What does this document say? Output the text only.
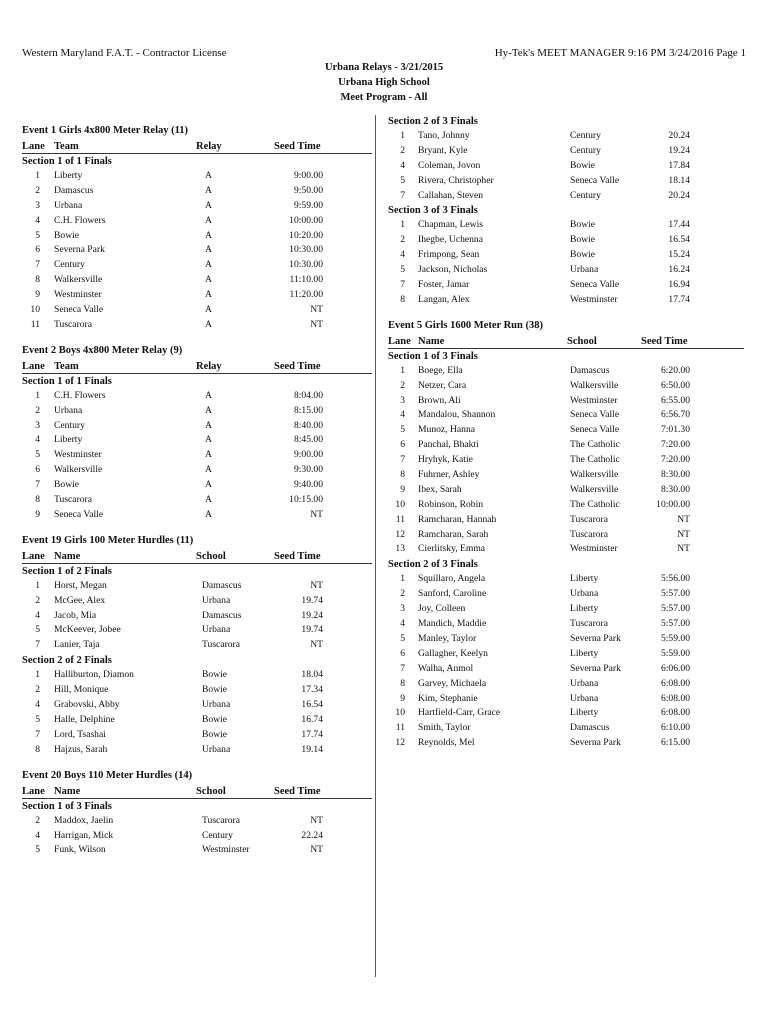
Western Maryland F.A.T. - Contractor License	Hy-Tek's MEET MANAGER 9:16 PM 3/24/2016 Page 1
Urbana Relays - 3/21/2015
Urbana High School
Meet Program - All
Event 1 Girls 4x800 Meter Relay (11)
Lane Team	Relay	Seed Time
Section 1 of 1 Finals
1 Liberty	A	9:00.00
2 Damascus	A	9:50.00
3 Urbana	A	9:59.00
4 C.H. Flowers	A	10:00.00
5 Bowie	A	10:20.00
6 Severna Park	A	10:30.00
7 Century	A	10:30.00
8 Walkersville	A	11:10.00
9 Westminster	A	11:20.00
10 Seneca Valle	A	NT
11 Tuscarora	A	NT
Event 2 Boys 4x800 Meter Relay (9)
Lane Team	Relay	Seed Time
Section 1 of 1 Finals
1 C.H. Flowers	A	8:04.00
2 Urbana	A	8:15.00
3 Century	A	8:40.00
4 Liberty	A	8:45.00
5 Westminster	A	9:00.00
6 Walkersville	A	9:30.00
7 Bowie	A	9:40.00
8 Tuscarora	A	10:15.00
9 Seneca Valle	A	NT
Event 19 Girls 100 Meter Hurdles (11)
Lane Name	School	Seed Time
Section 1 of 2 Finals
1 Horst, Megan	Damascus	NT
2 McGee, Alex	Urbana	19.74
4 Jacob, Mia	Damascus	19.24
5 McKeever, Jobee	Urbana	19.74
7 Lanier, Taja	Tuscarora	NT
Section 2 of 2 Finals
1 Halliburton, Diamon	Bowie	18.04
2 Hill, Monique	Bowie	17.34
4 Grabovski, Abby	Urbana	16.54
5 Halle, Delphine	Bowie	16.74
7 Lord, Tsashai	Bowie	17.74
8 Hajzus, Sarah	Urbana	19.14
Event 20 Boys 110 Meter Hurdles (14)
Lane Name	School	Seed Time
Section 1 of 3 Finals
2 Maddox, Jaelin	Tuscarora	NT
4 Harrigan, Mick	Century	22.24
5 Funk, Wilson	Westminster	NT
Section 2 of 3 Finals
1 Tano, Johnny	Century	20.24
2 Bryant, Kyle	Century	19.24
4 Coleman, Jovon	Bowie	17.84
5 Rivera, Christopher	Seneca Valle	18.14
7 Callahan, Steven	Century	20.24
Section 3 of 3 Finals
1 Chapman, Lewis	Bowie	17.44
2 Ihegbe, Uchenna	Bowie	16.54
4 Frimpong, Sean	Bowie	15.24
5 Jackson, Nicholas	Urbana	16.24
7 Foster, Jamar	Seneca Valle	16.94
8 Langan, Alex	Westminster	17.74
Event 5 Girls 1600 Meter Run (38)
Lane Name	School	Seed Time
Section 1 of 3 Finals
1 Boege, Ella	Damascus	6:20.00
2 Netzer, Cara	Walkersville	6:50.00
3 Brown, Ali	Westminster	6:55.00
4 Mandalou, Shannon	Seneca Valle	6:56.70
5 Munoz, Hanna	Seneca Valle	7:01.30
6 Panchal, Bhakti	The Catholic	7:20.00
7 Hryhyk, Katie	The Catholic	7:20.00
8 Fuhrner, Ashley	Walkersville	8:30.00
9 Ibex, Sarah	Walkersville	8:30.00
10 Robinson, Robin	The Catholic	10:00.00
11 Ramcharan, Hannah	Tuscarora	NT
12 Ramcharan, Sarah	Tuscarora	NT
13 Cierlitsky, Emma	Westminster	NT
Section 2 of 3 Finals
1 Squillaro, Angela	Liberty	5:56.00
2 Sanford, Caroline	Urbana	5:57.00
3 Joy, Colleen	Liberty	5:57.00
4 Mandich, Maddie	Tuscarora	5:57.00
5 Manley, Taylor	Severna Park	5:59.00
6 Gallagher, Keelyn	Liberty	5:59.00
7 Walha, Anmol	Severna Park	6:06.00
8 Garvey, Michaela	Urbana	6:08.00
9 Kim, Stephanie	Urbana	6:08.00
10 Hartfield-Carr, Grace	Liberty	6:08.00
11 Smith, Taylor	Damascus	6:10.00
12 Reynolds, Mel	Severna Park	6:15.00
